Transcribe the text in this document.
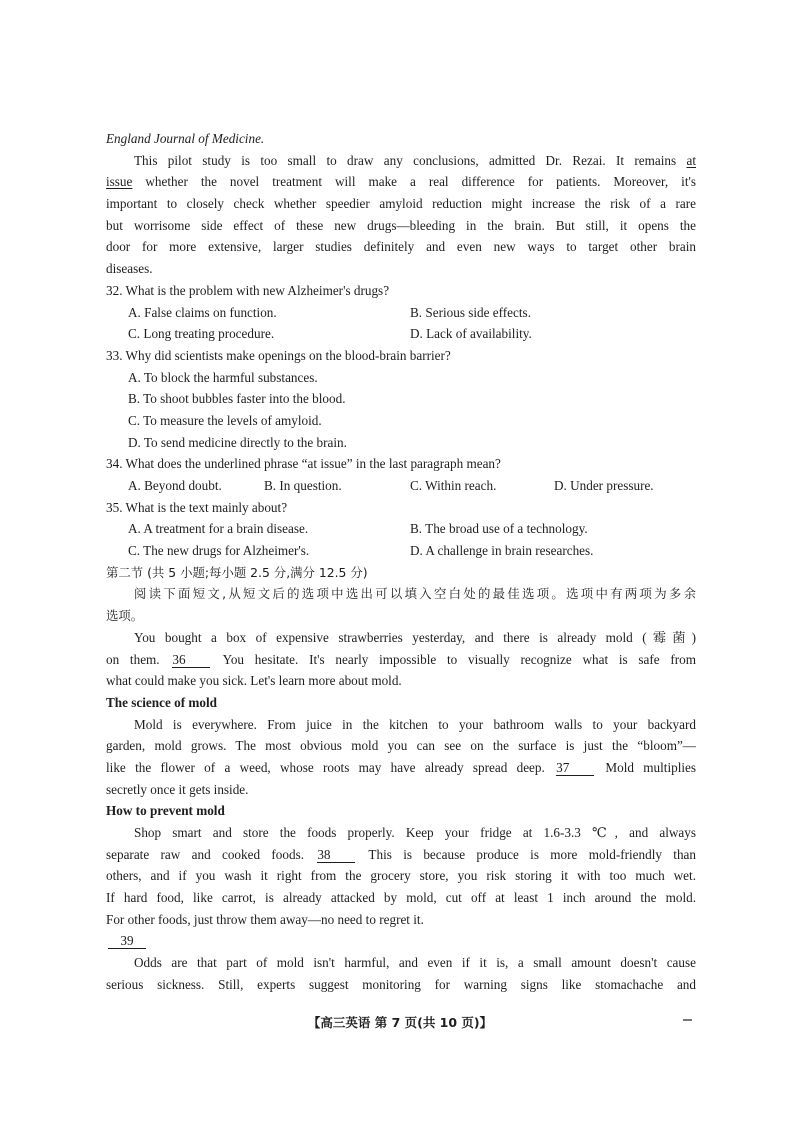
England Journal of Medicine.
This pilot study is too small to draw any conclusions, admitted Dr. Rezai. It remains at
issue whether the novel treatment will make a real difference for patients. Moreover, it's
important to closely check whether speedier amyloid reduction might increase the risk of a rare
but worrisome side effect of these new drugs—bleeding in the brain. But still, it opens the
door for more extensive, larger studies definitely and even new ways to target other brain
diseases.
32. What is the problem with new Alzheimer's drugs?
A. False claims on function.	B. Serious side effects.
C. Long treating procedure.	D. Lack of availability.
33. Why did scientists make openings on the blood-brain barrier?
A. To block the harmful substances.
B. To shoot bubbles faster into the blood.
C. To measure the levels of amyloid.
D. To send medicine directly to the brain.
34. What does the underlined phrase “at issue” in the last paragraph mean?
A. Beyond doubt.	B. In question.	C. Within reach.	D. Under pressure.
35. What is the text mainly about?
A. A treatment for a brain disease.	B. The broad use of a technology.
C. The new drugs for Alzheimer's.	D. A challenge in brain researches.
第二节 (共 5 小题;每小题 2.5 分,满分 12.5 分)
阅读下面短文,从短文后的选项中选出可以填入空白处的最佳选项。选项中有两项为多余
选项。
You bought a box of expensive strawberries yesterday, and there is already mold (霉菌)
on them. 36	You hesitate. It's nearly impossible to visually recognize what is safe from
what could make you sick. Let's learn more about mold.
The science of mold
Mold is everywhere. From juice in the kitchen to your bathroom walls to your backyard
garden, mold grows. The most obvious mold you can see on the surface is just the “bloom”—
like the flower of a weed, whose roots may have already spread deep. 37	Mold multiplies
secretly once it gets inside.
How to prevent mold
Shop smart and store the foods properly. Keep your fridge at 1.6-3.3 ℃, and always
separate raw and cooked foods. 38	This is because produce is more mold-friendly than
others, and if you wash it right from the grocery store, you risk storing it with too much wet.
If hard food, like carrot, is already attacked by mold, cut off at least 1 inch around the mold.
For other foods, just throw them away—no need to regret it.
39
Odds are that part of mold isn't harmful, and even if it is, a small amount doesn't cause
serious sickness. Still, experts suggest monitoring for warning signs like stomachache and
【高三英语 第 7 页(共 10 页)】
